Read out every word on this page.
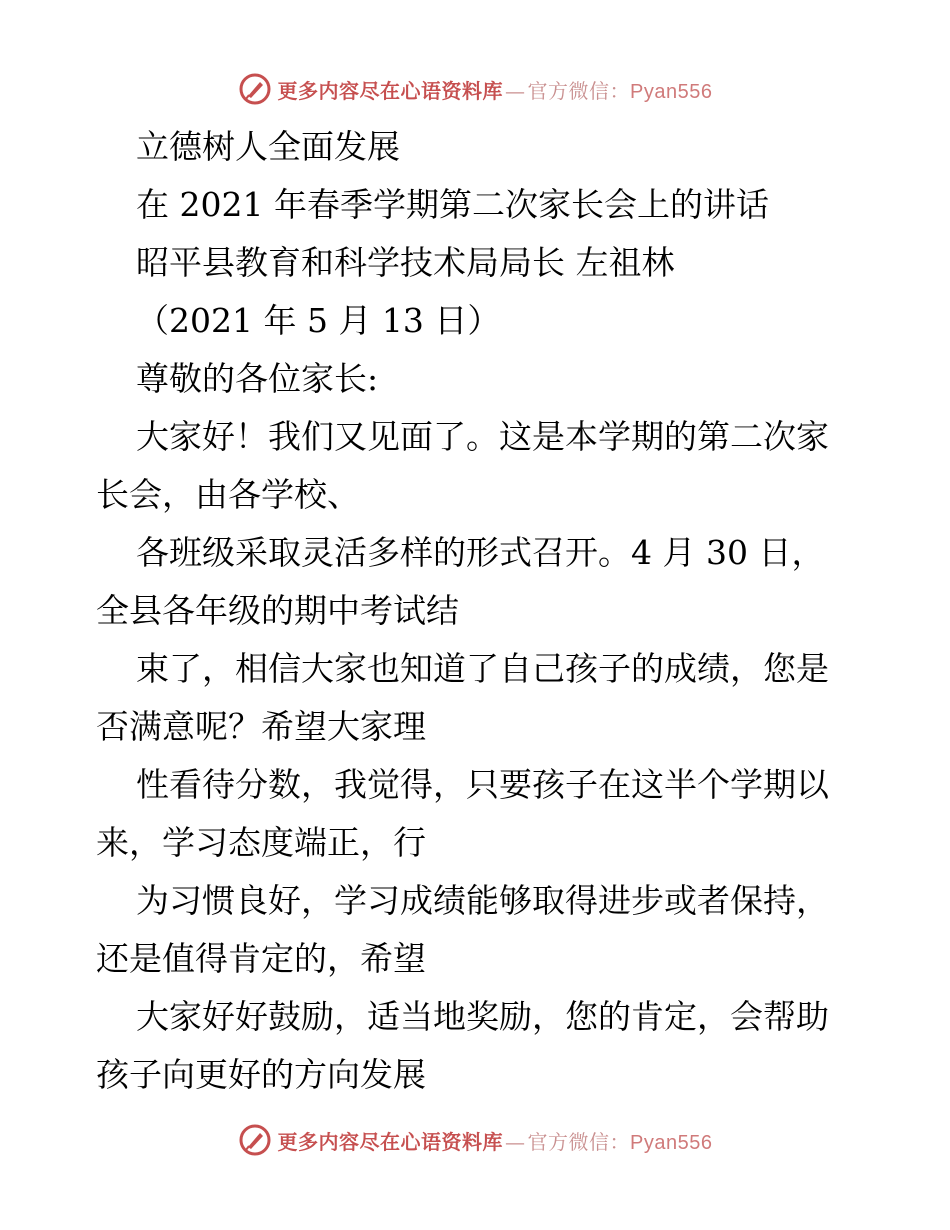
更多内容尽在心语资料库 — 官方微信：Pyan556
立德树人全面发展
在 2021 年春季学期第二次家长会上的讲话
昭平县教育和科学技术局局长 左祖林
（2021 年 5 月 13 日）
尊敬的各位家长:
大家好！我们又见面了。这是本学期的第二次家
长会，由各学校、
各班级采取灵活多样的形式召开。4 月 30 日，
全县各年级的期中考试结
束了，相信大家也知道了自己孩子的成绩，您是
否满意呢？希望大家理
性看待分数，我觉得，只要孩子在这半个学期以
来，学习态度端正，行
为习惯良好，学习成绩能够取得进步或者保持，
还是值得肯定的，希望
大家好好鼓励，适当地奖励，您的肯定，会帮助
孩子向更好的方向发展
更多内容尽在心语资料库 — 官方微信：Pyan556
